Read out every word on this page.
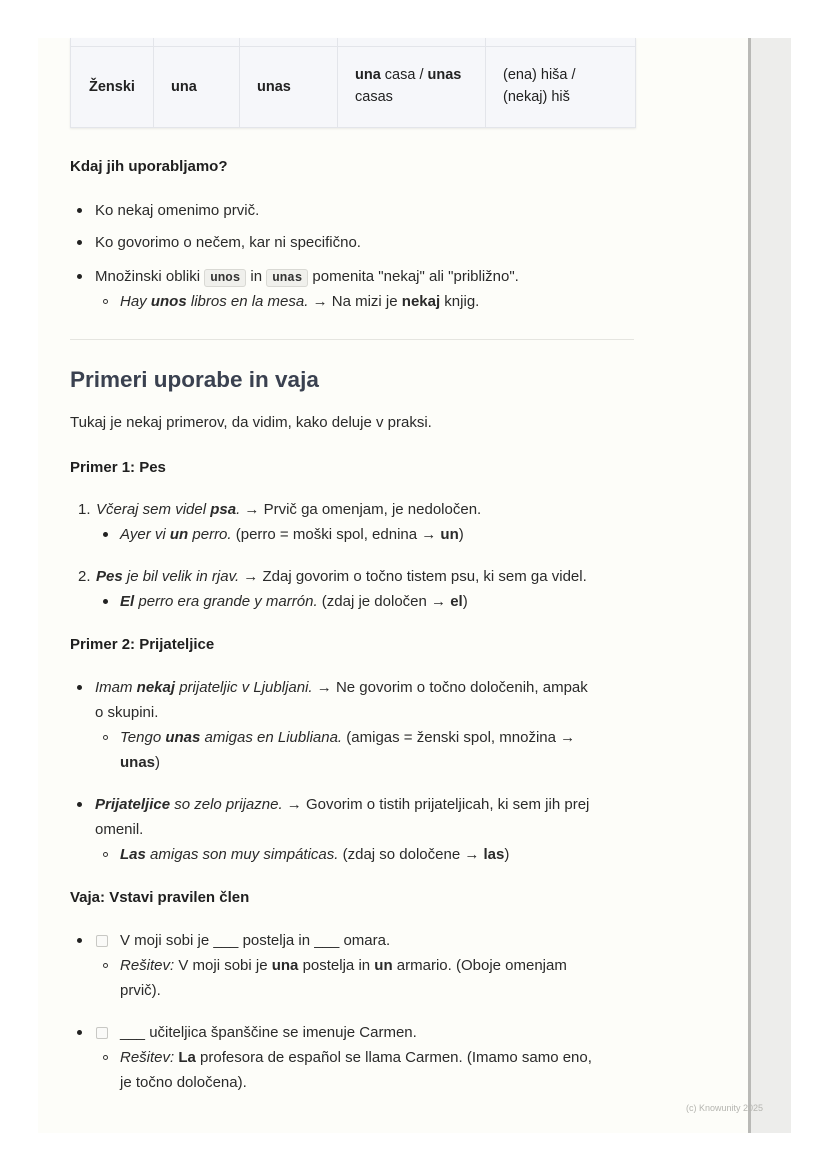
Ženski una	unas
una casa / unas
casas
(ena) hiša /
(nekaj) hiš
Kdaj jih uporabljamo?
Ko nekaj omenimo prvič.
Ko govorimo o nečem, kar ni specifično.
Množinski obliki unos in unas pomenita "nekaj" ali "približno".
Hay unos libros en la mesa. → Na mizi je nekaj knjig.
Primeri uporabe in vaja
Tukaj je nekaj primerov, da vidim, kako deluje v praksi.
Primer 1: Pes
1. Včeraj sem videl psa. → Prvič ga omenjam, je nedoločen.
Ayer vi un perro. (perro = moški spol, ednina → un)
2. Pes je bil velik in rjav. → Zdaj govorim o točno tistem psu, ki sem ga videl.
El perro era grande y marrón. (zdaj je določen → el)
Primer 2: Prijateljice
Imam nekaj prijateljic v Ljubljani. → Ne govorim o točno določenih, ampak
o skupini.
Tengo unas amigas en Liubliana. (amigas = ženski spol, množina →
unas)
Prijateljice so zelo prijazne. → Govorim o tistih prijateljicah, ki sem jih prej
omenil.
Las amigas son muy simpáticas. (zdaj so določene → las)
Vaja: Vstavi pravilen člen
V moji sobi je ___ postelja in ___ omara.
Rešitev: V moji sobi je una postelja in un armario. (Oboje omenjam
prvič).
___ učiteljica španščine se imenuje Carmen.
Rešitev: La profesora de español se llama Carmen. (Imamo samo eno,
je točno določena).
(c) Knowunity 2025
